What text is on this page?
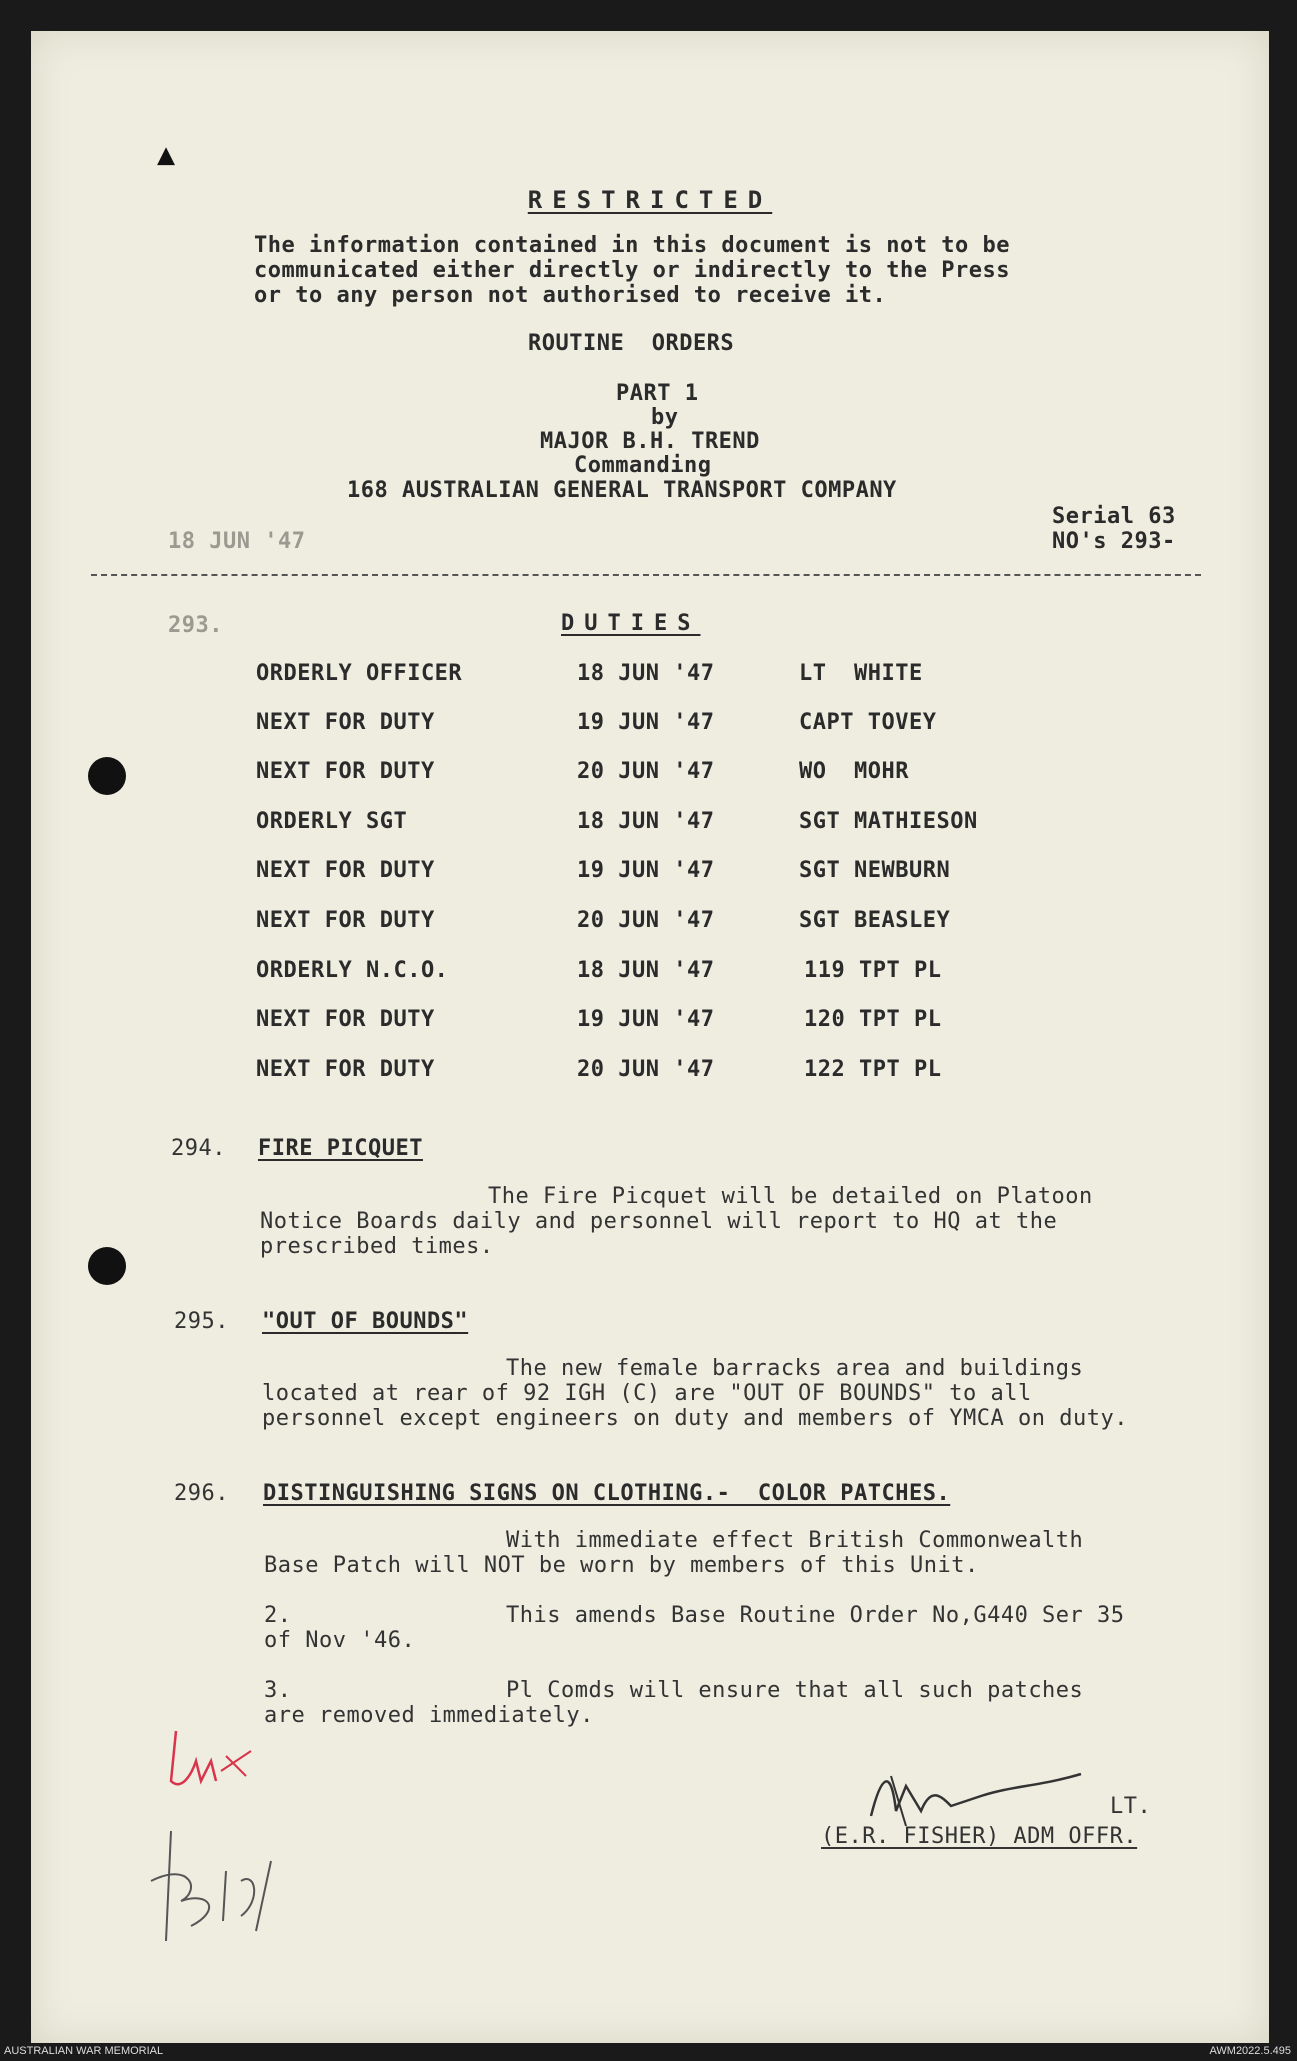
▲
RESTRICTED
The information contained in this document is not to be
communicated either directly or indirectly to the Press
or to any person not authorised to receive it.
ROUTINE  ORDERS
PART 1
by
MAJOR B.H. TREND
Commanding
168 AUSTRALIAN GENERAL TRANSPORT COMPANY
Serial 63
NO's 293-
18 JUN '47
293.	DUTIES
ORDERLY OFFICER	18 JUN '47	LT  WHITE
NEXT FOR DUTY	19 JUN '47	CAPT TOVEY
NEXT FOR DUTY	20 JUN '47	WO  MOHR
ORDERLY SGT	18 JUN '47	SGT MATHIESON
NEXT FOR DUTY	19 JUN '47	SGT NEWBURN
NEXT FOR DUTY	20 JUN '47	SGT BEASLEY
ORDERLY N.C.O.	18 JUN '47	119 TPT PL
NEXT FOR DUTY	19 JUN '47	120 TPT PL
NEXT FOR DUTY	20 JUN '47	122 TPT PL
294. FIRE PICQUET
The Fire Picquet will be detailed on Platoon
Notice Boards daily and personnel will report to HQ at the
prescribed times.
295. "OUT OF BOUNDS"
The new female barracks area and buildings
located at rear of 92 IGH (C) are "OUT OF BOUNDS" to all
personnel except engineers on duty and members of YMCA on duty.
296. DISTINGUISHING SIGNS ON CLOTHING.-  COLOR PATCHES.
With immediate effect British Commonwealth
Base Patch will NOT be worn by members of this Unit.
2.	This amends Base Routine Order No,G440 Ser 35
of Nov '46.
3.	Pl Comds will ensure that all such patches
are removed immediately.
LT.
(E.R. FISHER) ADM OFFR.
AUSTRALIAN WAR MEMORIAL	AWM2022.5.495
